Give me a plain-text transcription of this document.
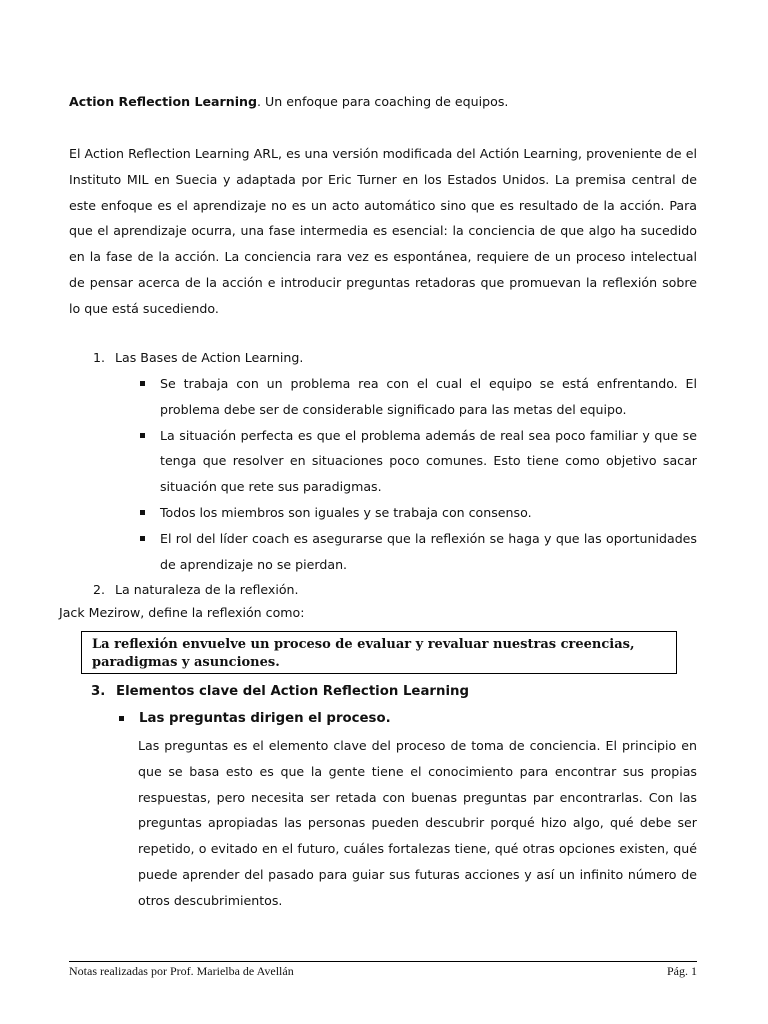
Action Reflection Learning. Un enfoque para coaching de equipos.
El Action Reflection Learning ARL, es una versión modificada del Actión Learning, proveniente de el Instituto MIL en Suecia y adaptada por Eric Turner en los Estados Unidos. La premisa central de este enfoque es el aprendizaje no es un acto automático sino que es resultado de la acción. Para que el aprendizaje ocurra, una fase intermedia es esencial: la conciencia de que algo ha sucedido en la fase de la acción. La conciencia rara vez es espontánea, requiere de un proceso intelectual de pensar acerca de la acción e introducir preguntas retadoras que promuevan la reflexión sobre lo que está sucediendo.
1. Las Bases de Action Learning.
Se trabaja con un problema rea con el cual el equipo se está enfrentando. El problema debe ser de considerable significado para las metas del equipo.
La situación perfecta es que el problema además de real sea poco familiar y que se tenga que resolver en situaciones poco comunes. Esto tiene como objetivo sacar situación que rete sus paradigmas.
Todos los miembros son iguales y se trabaja con consenso.
El rol del líder coach es asegurarse que la reflexión se haga y que las oportunidades de aprendizaje no se pierdan.
2. La naturaleza de la reflexión.
Jack Mezirow, define la reflexión como:
La reflexión envuelve un proceso de evaluar y revaluar nuestras creencias, paradigmas y asunciones.
3. Elementos clave del Action Reflection Learning
Las preguntas dirigen el proceso.
Las preguntas es el elemento clave del proceso de toma de conciencia. El principio en que se basa esto es que la gente tiene el conocimiento para encontrar sus propias respuestas, pero necesita ser retada con buenas preguntas par encontrarlas. Con las preguntas apropiadas las personas pueden descubrir porqué hizo algo, qué debe ser repetido, o evitado en el futuro, cuáles fortalezas tiene, qué otras opciones existen, qué puede aprender del pasado para guiar sus futuras acciones y así un infinito número de otros descubrimientos.
Notas realizadas por Prof. Marielba de Avellán	Pág. 1
